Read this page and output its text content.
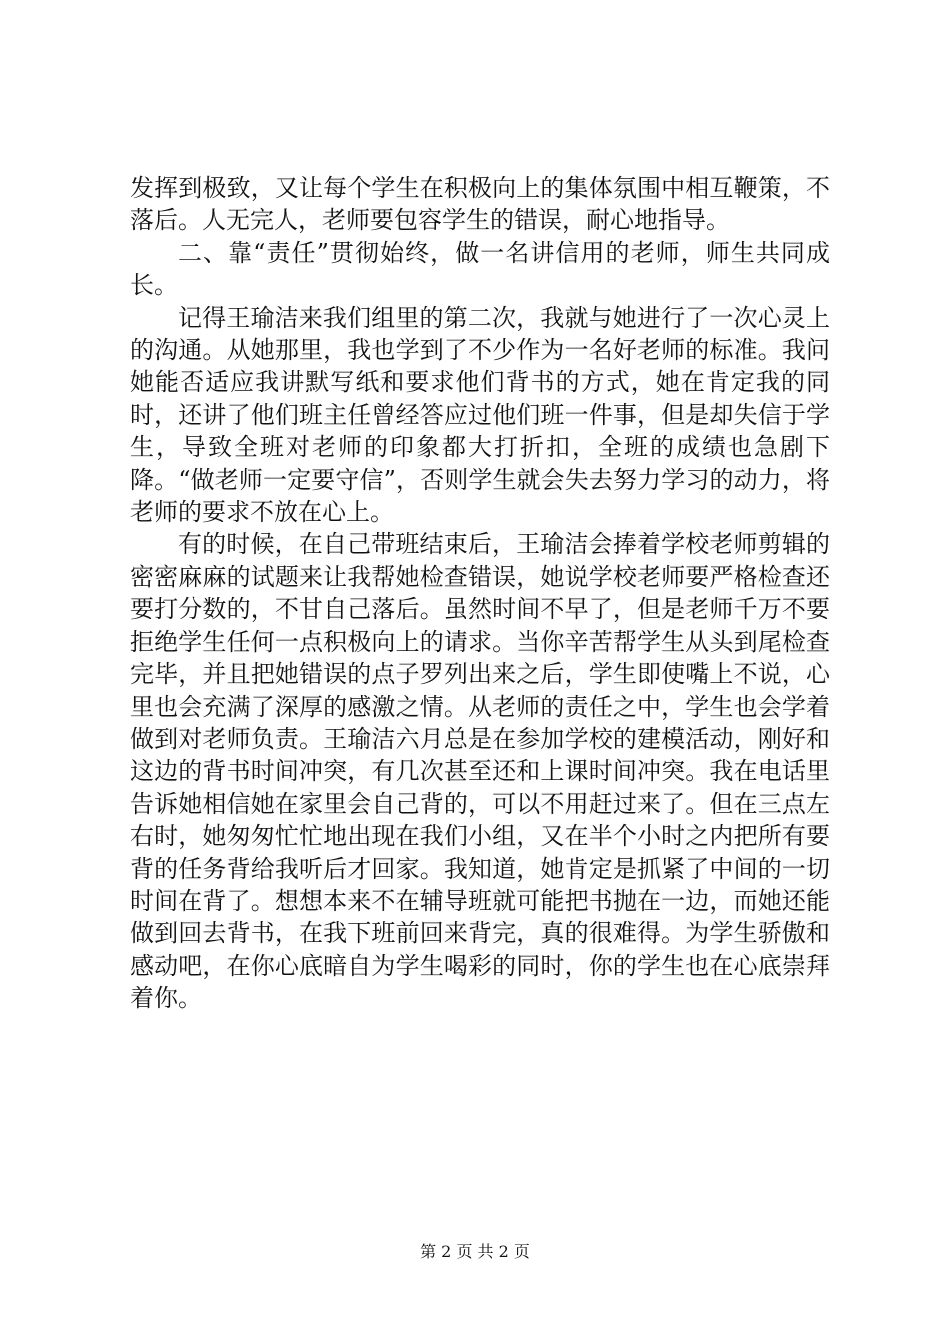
发挥到极致，又让每个学生在积极向上的集体氛围中相互鞭策，不落后。人无完人，老师要包容学生的错误，耐心地指导。

二、靠“责任”贯彻始终，做一名讲信用的老师，师生共同成长。

记得王瑜洁来我们组里的第二次，我就与她进行了一次心灵上的沟通。从她那里，我也学到了不少作为一名好老师的标准。我问她能否适应我讲默写纸和要求他们背书的方式，她在肯定我的同时，还讲了他们班主任曾经答应过他们班一件事，但是却失信于学生，导致全班对老师的印象都大打折扣，全班的成绩也急剧下降。“做老师一定要守信”，否则学生就会失去努力学习的动力，将老师的要求不放在心上。

有的时候，在自己带班结束后，王瑜洁会捧着学校老师剪辑的密密麻麻的试题来让我帮她检查错误，她说学校老师要严格检查还要打分数的，不甘自己落后。虽然时间不早了，但是老师千万不要拒绝学生任何一点积极向上的请求。当你辛苦帮学生从头到尾检查完毕，并且把她错误的点子罗列出来之后，学生即使嘴上不说，心里也会充满了深厚的感激之情。从老师的责任之中，学生也会学着做到对老师负责。王瑜洁六月总是在参加学校的建模活动，刚好和这边的背书时间冲突，有几次甚至还和上课时间冲突。我在电话里告诉她相信她在家里会自己背的，可以不用赶过来了。但在三点左右时，她匆匆忙忙地出现在我们小组，又在半个小时之内把所有要背的任务背给我听后才回家。我知道，她肯定是抓紧了中间的一切时间在背了。想想本来不在辅导班就可能把书抛在一边，而她还能做到回去背书，在我下班前回来背完，真的很难得。为学生骄傲和感动吧，在你心底暗自为学生喝彩的同时，你的学生也在心底崇拜着你。

第 2 页 共 2 页
